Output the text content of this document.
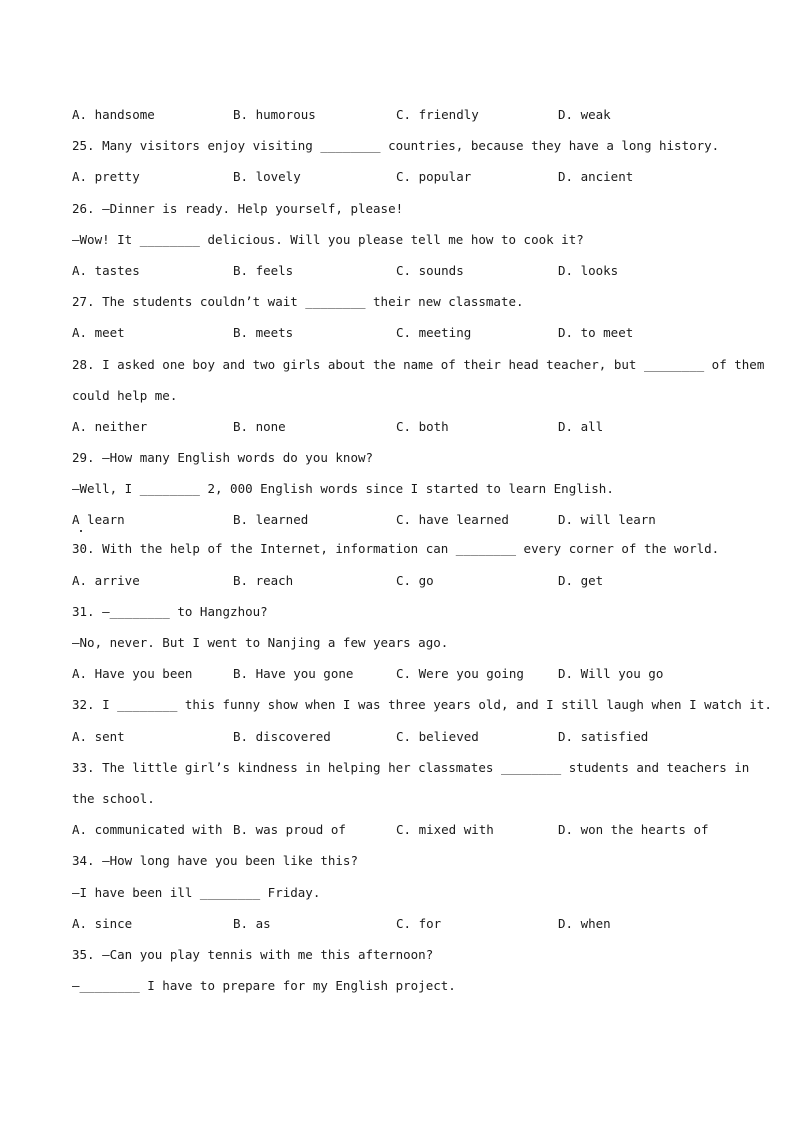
A. handsome	B. humorous	C. friendly	D. weak
25. Many visitors enjoy visiting ________ countries, because they have a long history.
A. pretty	B. lovely	C. popular	D. ancient
26. —Dinner is ready. Help yourself, please!
—Wow! It ________ delicious. Will you please tell me how to cook it?
A. tastes	B. feels	C. sounds	D. looks
27. The students couldn’t wait ________ their new classmate.
A. meet	B. meets	C. meeting	D. to meet
28. I asked one boy and two girls about the name of their head teacher, but ________ of them
could help me.
A. neither	B. none	C. both	D. all
29. —How many English words do you know?
—Well, I ________ 2, 000 English words since I started to learn English.
A learn	B. learned	C. have learned	D. will learn
30. With the help of the Internet, information can ________ every corner of the world.
A. arrive	B. reach	C. go	D. get
31. —________ to Hangzhou?
—No, never. But I went to Nanjing a few years ago.
A. Have you been	B. Have you gone	C. Were you going	D. Will you go
32. I ________ this funny show when I was three years old, and I still laugh when I watch it.
A. sent	B. discovered	C. believed	D. satisfied
33. The little girl’s kindness in helping her classmates ________ students and teachers in
the school.
A. communicated with B. was proud of	C. mixed with	D. won the hearts of
34. —How long have you been like this?
—I have been ill ________ Friday.
A. since	B. as	C. for	D. when
35. —Can you play tennis with me this afternoon?
—________ I have to prepare for my English project.
